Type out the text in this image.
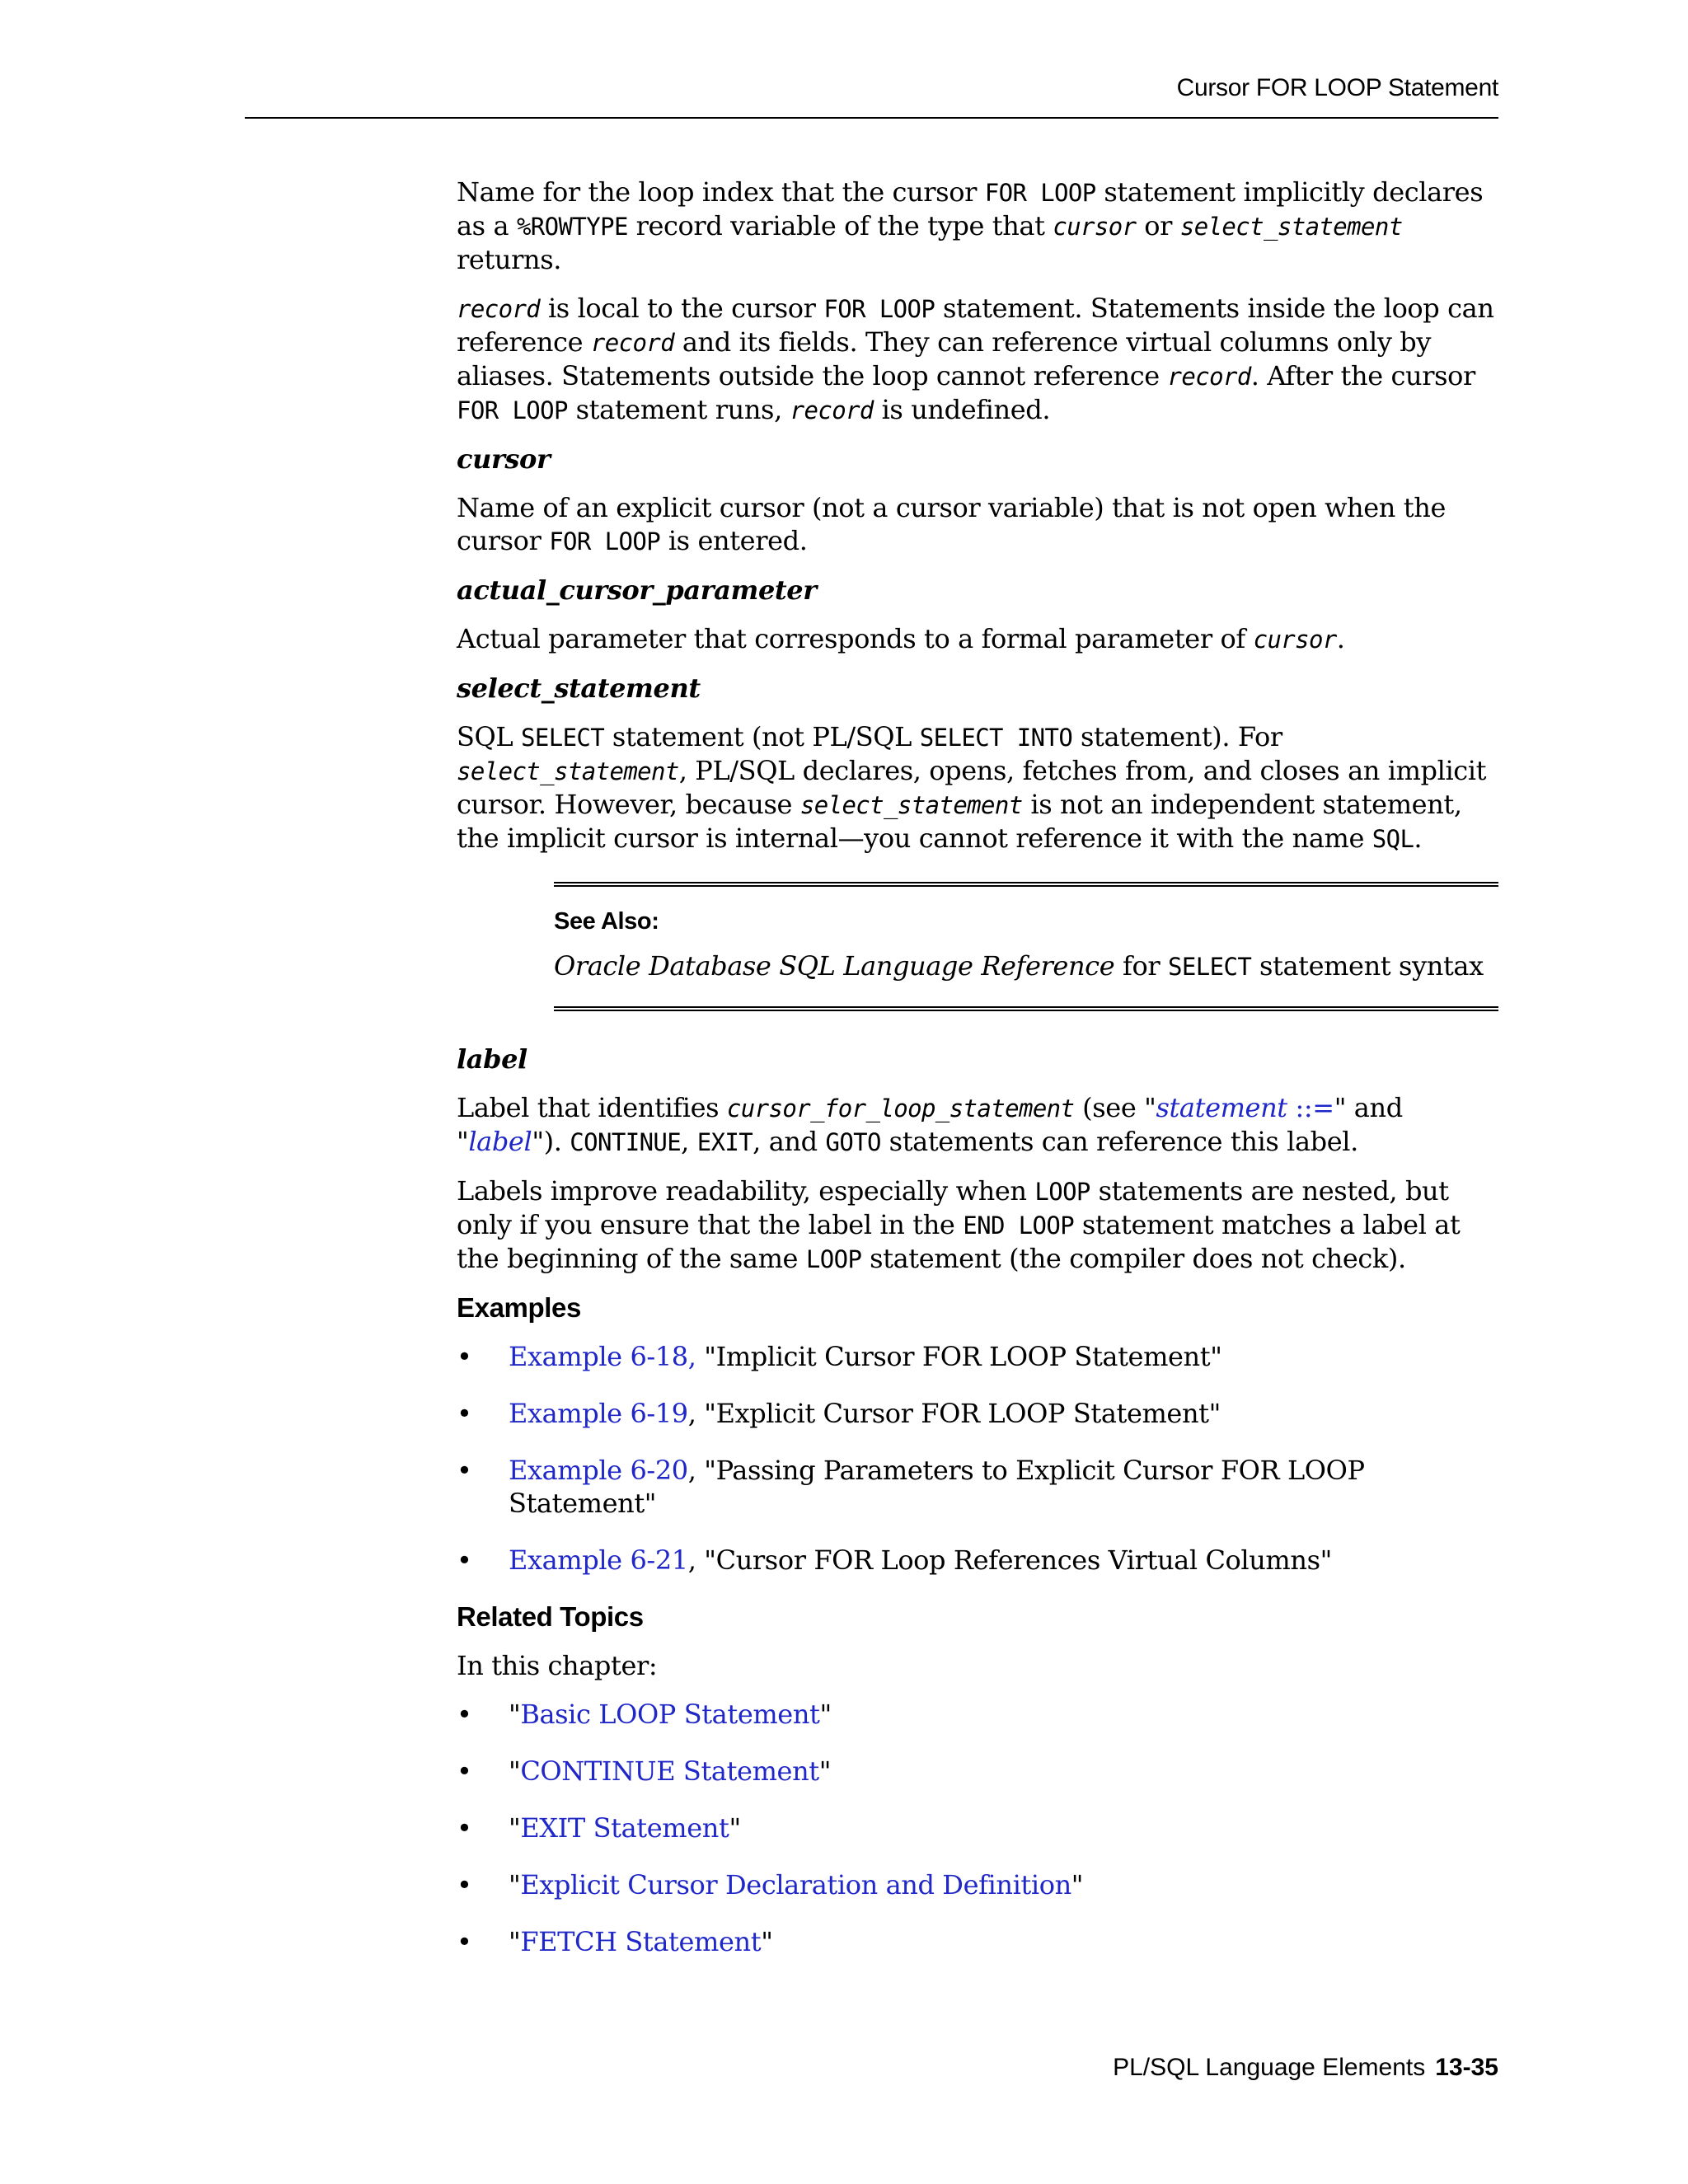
Cursor FOR LOOP Statement

Name for the loop index that the cursor FOR LOOP statement implicitly declares as a %ROWTYPE record variable of the type that cursor or select_statement returns.

record is local to the cursor FOR LOOP statement. Statements inside the loop can reference record and its fields. They can reference virtual columns only by aliases. Statements outside the loop cannot reference record. After the cursor FOR LOOP statement runs, record is undefined.

cursor

Name of an explicit cursor (not a cursor variable) that is not open when the cursor FOR LOOP is entered.

actual_cursor_parameter

Actual parameter that corresponds to a formal parameter of cursor.

select_statement

SQL SELECT statement (not PL/SQL SELECT INTO statement). For select_statement, PL/SQL declares, opens, fetches from, and closes an implicit cursor. However, because select_statement is not an independent statement, the implicit cursor is internal—you cannot reference it with the name SQL.

See Also:

Oracle Database SQL Language Reference for SELECT statement syntax

label

Label that identifies cursor_for_loop_statement (see "statement ::=" and "label"). CONTINUE, EXIT, and GOTO statements can reference this label.

Labels improve readability, especially when LOOP statements are nested, but only if you ensure that the label in the END LOOP statement matches a label at the beginning of the same LOOP statement (the compiler does not check).

Examples

• Example 6-18, "Implicit Cursor FOR LOOP Statement"
• Example 6-19, "Explicit Cursor FOR LOOP Statement"
• Example 6-20, "Passing Parameters to Explicit Cursor FOR LOOP Statement"
• Example 6-21, "Cursor FOR Loop References Virtual Columns"

Related Topics

In this chapter:

• "Basic LOOP Statement"
• "CONTINUE Statement"
• "EXIT Statement"
• "Explicit Cursor Declaration and Definition"
• "FETCH Statement"
PL/SQL Language Elements 13-35
